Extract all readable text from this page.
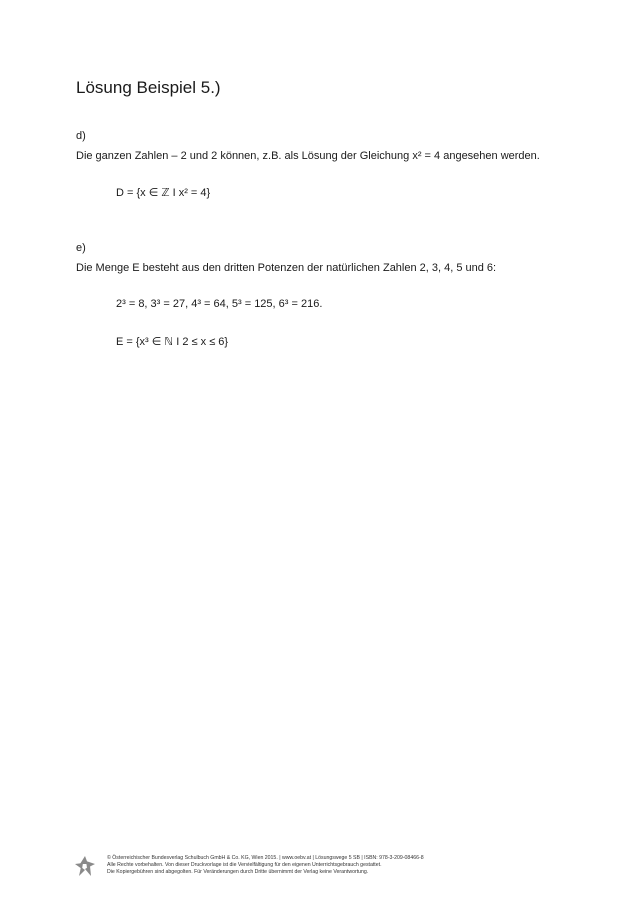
Lösung Beispiel 5.)
d)
Die ganzen Zahlen – 2 und 2 können, z.B. als Lösung der Gleichung x² = 4 angesehen werden.
D = {x ∈ ℤ I x² = 4}
e)
Die Menge E besteht aus den dritten Potenzen der natürlichen Zahlen 2, 3, 4, 5 und 6:
2³ = 8, 3³ = 27, 4³ = 64, 5³ = 125, 6³ = 216.
E = {x³ ∈ ℕ I 2 ≤ x ≤ 6}
© Österreichischer Bundesverlag Schulbuch GmbH & Co. KG, Wien 2015. | www.oebv.at | Lösungswege 5 SB | ISBN: 978-3-209-08466-8
Alle Rechte vorbehalten. Von dieser Druckvorlage ist die Vervielfältigung für den eigenen Unterrichtsgebrauch gestattet.
Die Kopiergebühren sind abgegolten. Für Veränderungen durch Dritte übernimmt der Verlag keine Verantwortung.
